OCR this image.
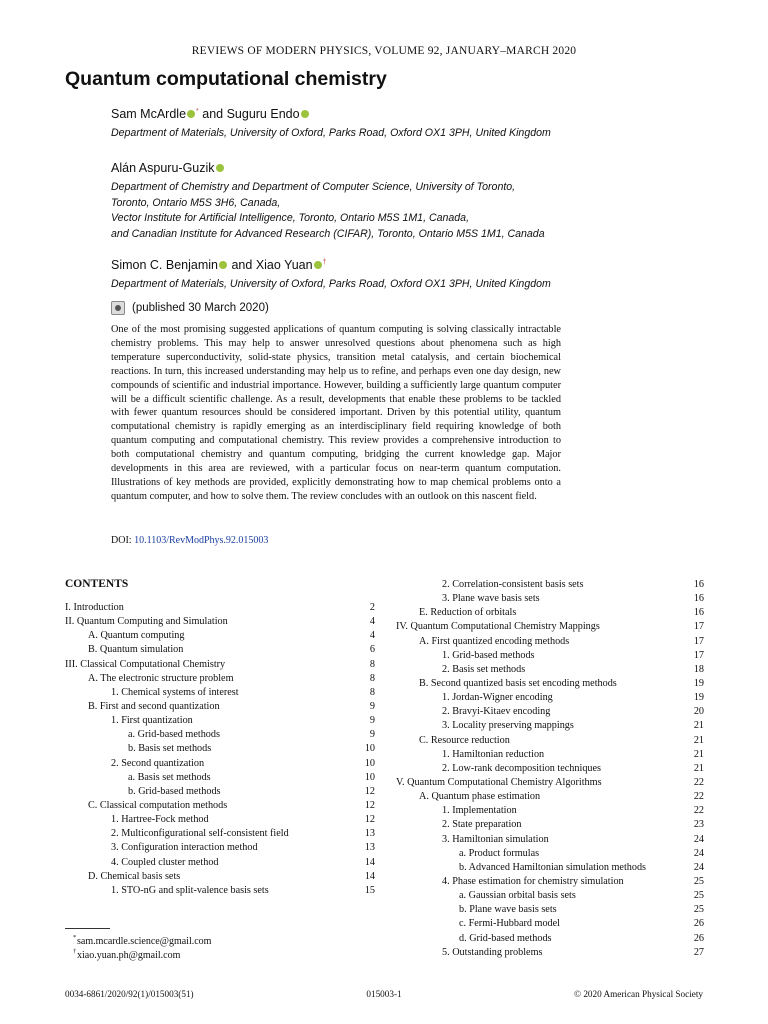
REVIEWS OF MODERN PHYSICS, VOLUME 92, JANUARY–MARCH 2020
Quantum computational chemistry
Sam McArdle * and Suguru Endo
Department of Materials, University of Oxford, Parks Road, Oxford OX1 3PH, United Kingdom
Alán Aspuru-Guzik
Department of Chemistry and Department of Computer Science, University of Toronto,
Toronto, Ontario M5S 3H6, Canada,
Vector Institute for Artificial Intelligence, Toronto, Ontario M5S 1M1, Canada,
and Canadian Institute for Advanced Research (CIFAR), Toronto, Ontario M5S 1M1, Canada
Simon C. Benjamin and Xiao Yuan †
Department of Materials, University of Oxford, Parks Road, Oxford OX1 3PH, United Kingdom
(published 30 March 2020)
One of the most promising suggested applications of quantum computing is solving classically intractable chemistry problems. This may help to answer unresolved questions about phenomena such as high temperature superconductivity, solid-state physics, transition metal catalysis, and certain biochemical reactions. In turn, this increased understanding may help us to refine, and perhaps even one day design, new compounds of scientific and industrial importance. However, building a sufficiently large quantum computer will be a difficult scientific challenge. As a result, developments that enable these problems to be tackled with fewer quantum resources should be considered important. Driven by this potential utility, quantum computational chemistry is rapidly emerging as an interdisciplinary field requiring knowledge of both quantum computing and computational chemistry. This review provides a comprehensive introduction to both computational chemistry and quantum computing, bridging the current knowledge gap. Major developments in this area are reviewed, with a particular focus on near-term quantum computation. Illustrations of key methods are provided, explicitly demonstrating how to map chemical problems onto a quantum computer, and how to solve them. The review concludes with an outlook on this nascent field.
DOI: 10.1103/RevModPhys.92.015003
CONTENTS
I. Introduction	2
II. Quantum Computing and Simulation	4
A. Quantum computing	4
B. Quantum simulation	6
III. Classical Computational Chemistry	8
A. The electronic structure problem	8
1. Chemical systems of interest	8
B. First and second quantization	9
1. First quantization	9
a. Grid-based methods	9
b. Basis set methods	10
2. Second quantization	10
a. Basis set methods	10
b. Grid-based methods	12
C. Classical computation methods	12
1. Hartree-Fock method	12
2. Multiconfigurational self-consistent field	13
3. Configuration interaction method	13
4. Coupled cluster method	14
D. Chemical basis sets	14
1. STO-nG and split-valence basis sets	15
2. Correlation-consistent basis sets	16
3. Plane wave basis sets	16
E. Reduction of orbitals	16
IV. Quantum Computational Chemistry Mappings	17
A. First quantized encoding methods	17
1. Grid-based methods	17
2. Basis set methods	18
B. Second quantized basis set encoding methods	19
1. Jordan-Wigner encoding	19
2. Bravyi-Kitaev encoding	20
3. Locality preserving mappings	21
C. Resource reduction	21
1. Hamiltonian reduction	21
2. Low-rank decomposition techniques	21
V. Quantum Computational Chemistry Algorithms	22
A. Quantum phase estimation	22
1. Implementation	22
2. State preparation	23
3. Hamiltonian simulation	24
a. Product formulas	24
b. Advanced Hamiltonian simulation methods	24
4. Phase estimation for chemistry simulation	25
a. Gaussian orbital basis sets	25
b. Plane wave basis sets	25
c. Fermi-Hubbard model	26
d. Grid-based methods	26
5. Outstanding problems	27
* sam.mcardle.science@gmail.com
† xiao.yuan.ph@gmail.com
0034-6861/2020/92(1)/015003(51)	015003-1	© 2020 American Physical Society
